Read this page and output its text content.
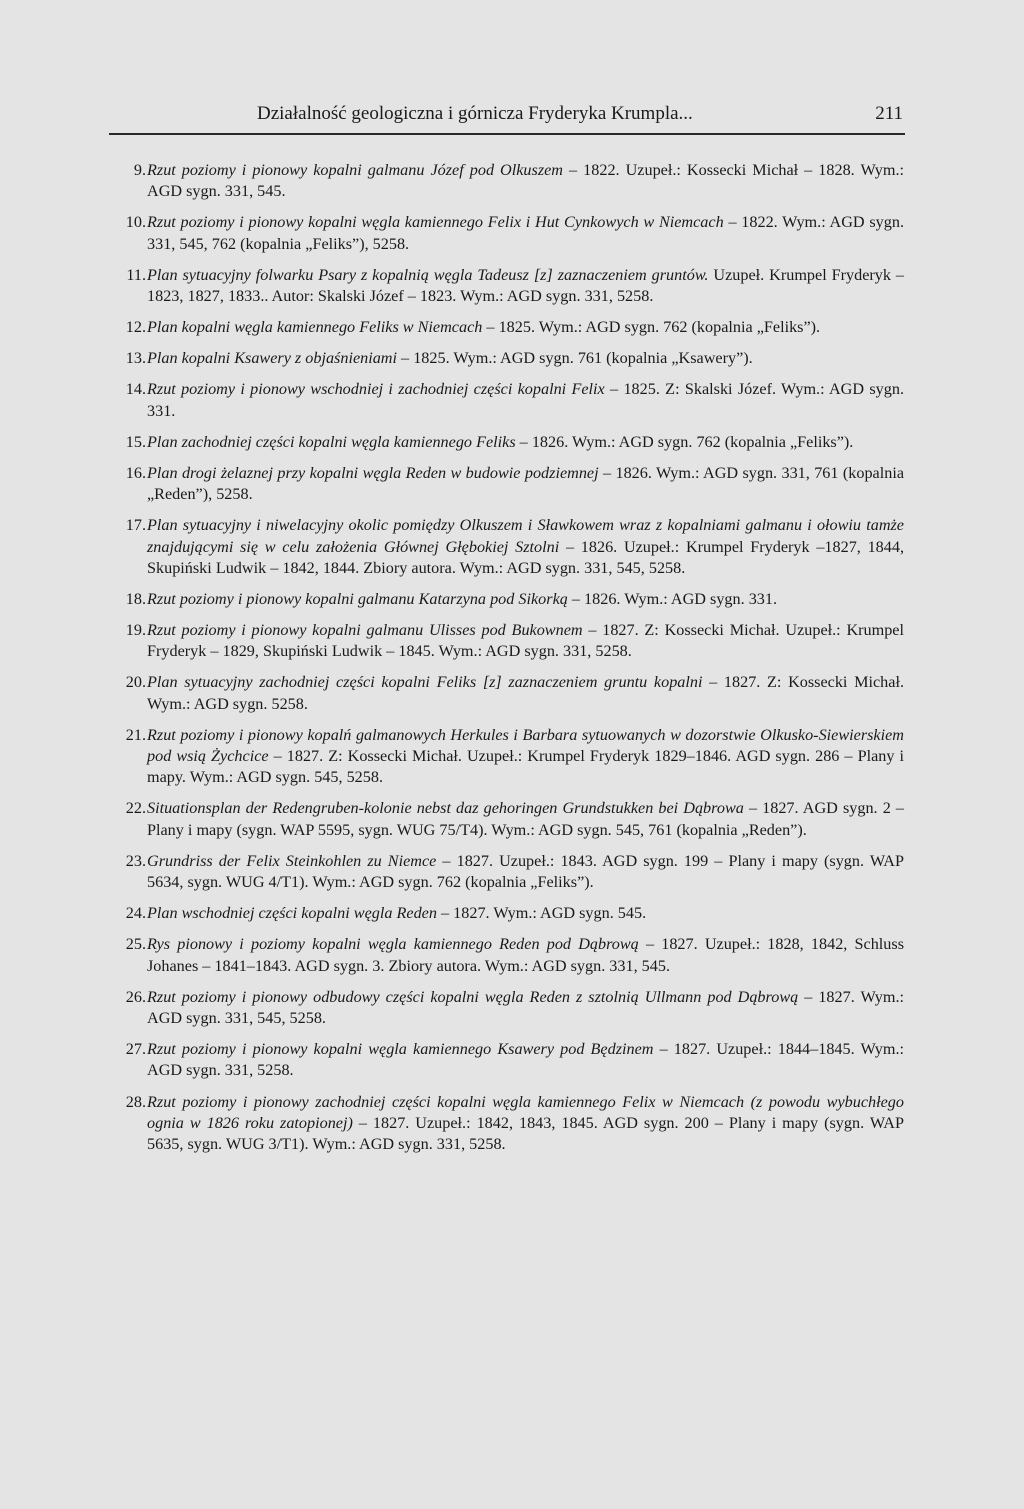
Działalność geologiczna i górnicza Fryderyka Krumpla...	211
9 . Rzut poziomy i pionowy kopalni galmanu Józef pod Olkuszem – 1822. Uzupeł.: Kossecki Michał – 1828. Wym.: AGD sygn. 331, 545.
10 . Rzut poziomy i pionowy kopalni węgla kamiennego Felix i Hut Cynkowych w Niemcach – 1822. Wym.: AGD sygn. 331, 545, 762 (kopalnia „Feliks”), 5258.
11 . Plan sytuacyjny folwarku Psary z kopalnią węgla Tadeusz [z] zaznaczeniem gruntów. Uzupeł. Krumpel Fryderyk – 1823, 1827, 1833.. Autor: Skalski Józef – 1823. Wym.: AGD sygn. 331, 5258.
12 . Plan kopalni węgla kamiennego Feliks w Niemcach – 1825. Wym.: AGD sygn. 762 (kopalnia „Feliks”).
13 . Plan kopalni Ksawery z objaśnieniami – 1825. Wym.: AGD sygn. 761 (kopalnia „Ksawery”).
14 . Rzut poziomy i pionowy wschodniej i zachodniej części kopalni Felix – 1825. Z: Skalski Józef. Wym.: AGD sygn. 331.
15 . Plan zachodniej części kopalni węgla kamiennego Feliks – 1826. Wym.: AGD sygn. 762 (kopalnia „Feliks”).
16 . Plan drogi żelaznej przy kopalni węgla Reden w budowie podziemnej – 1826. Wym.: AGD sygn. 331, 761 (kopalnia „Reden”), 5258.
17 . Plan sytuacyjny i niwelacyjny okolic pomiędzy Olkuszem i Sławkowem wraz z kopalniami galmanu i ołowiu tamże znajdującymi się w celu założenia Głównej Głębokiej Sztolni – 1826. Uzupeł.: Krumpel Fryderyk –1827, 1844, Skupiński Ludwik – 1842, 1844. Zbiory autora. Wym.: AGD sygn. 331, 545, 5258.
18 . Rzut poziomy i pionowy kopalni galmanu Katarzyna pod Sikorką – 1826. Wym.: AGD sygn. 331.
19 . Rzut poziomy i pionowy kopalni galmanu Ulisses pod Bukownem – 1827. Z: Kossecki Michał. Uzupeł.: Krumpel Fryderyk – 1829, Skupiński Ludwik – 1845. Wym.: AGD sygn. 331, 5258.
20 . Plan sytuacyjny zachodniej części kopalni Feliks [z] zaznaczeniem gruntu kopalni – 1827. Z: Kossecki Michał. Wym.: AGD sygn. 5258.
21 . Rzut poziomy i pionowy kopalń galmanowych Herkules i Barbara sytuowanych w dozorstwie Olkusko-Siewierskiem pod wsią Żychcice – 1827. Z: Kossecki Michał. Uzupeł.: Krumpel Fryderyk 1829–1846. AGD sygn. 286 – Plany i mapy. Wym.: AGD sygn. 545, 5258.
22 . Situationsplan der Redengruben-kolonie nebst daz gehoringen Grundstukken bei Dąbrowa – 1827. AGD sygn. 2 – Plany i mapy (sygn. WAP 5595, sygn. WUG 75/T4). Wym.: AGD sygn. 545, 761 (kopalnia „Reden”).
23 . Grundriss der Felix Steinkohlen zu Niemce – 1827. Uzupeł.: 1843. AGD sygn. 199 – Plany i mapy (sygn. WAP 5634, sygn. WUG 4/T1). Wym.: AGD sygn. 762 (kopalnia „Feliks”).
24 . Plan wschodniej części kopalni węgla Reden – 1827. Wym.: AGD sygn. 545.
25 . Rys pionowy i poziomy kopalni węgla kamiennego Reden pod Dąbrową – 1827. Uzupeł.: 1828, 1842, Schluss Johanes – 1841–1843. AGD sygn. 3. Zbiory autora. Wym.: AGD sygn. 331, 545.
26 . Rzut poziomy i pionowy odbudowy części kopalni węgla Reden z sztolnią Ullmann pod Dąbrową – 1827. Wym.: AGD sygn. 331, 545, 5258.
27 . Rzut poziomy i pionowy kopalni węgla kamiennego Ksawery pod Będzinem – 1827. Uzupeł.: 1844–1845. Wym.: AGD sygn. 331, 5258.
28 . Rzut poziomy i pionowy zachodniej części kopalni węgla kamiennego Felix w Niemcach (z powodu wybuchłego ognia w 1826 roku zatopionej) – 1827. Uzupeł.: 1842, 1843, 1845. AGD sygn. 200 – Plany i mapy (sygn. WAP 5635, sygn. WUG 3/T1). Wym.: AGD sygn. 331, 5258.
